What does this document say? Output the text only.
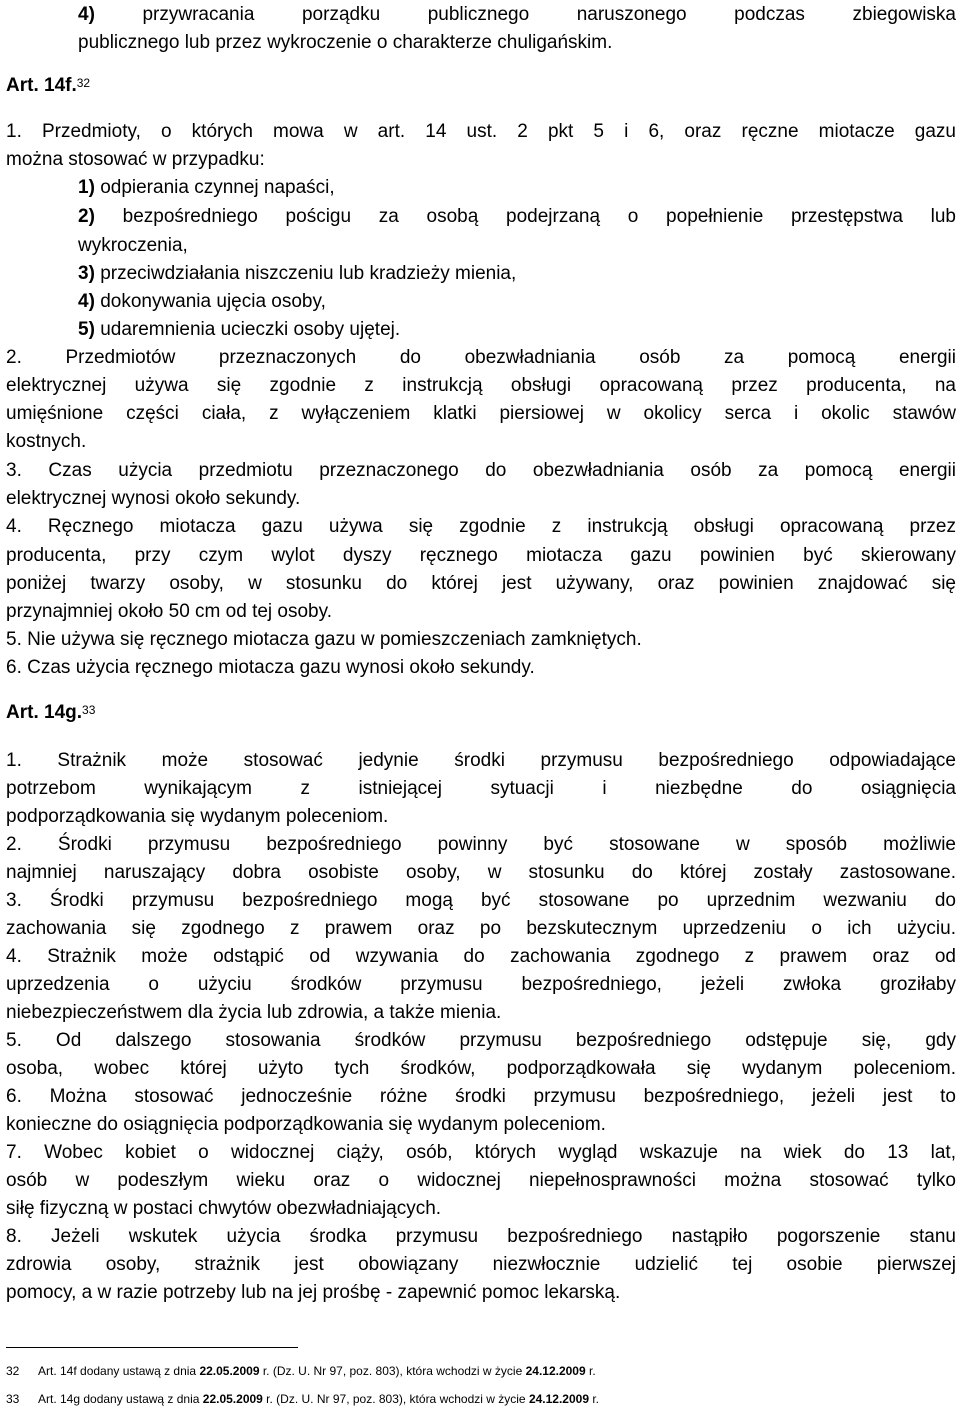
4)	przywracania porządku publicznego naruszonego podczas zbiegowiska

publicznego lub przez wykroczenie o charakterze chuligańskim.

Art. 14f.$^{32}$

1. Przedmioty, o których mowa w art. 14 ust. 2 pkt 5 i 6, oraz ręczne miotacze gazu

można stosować w przypadku:

1) odpierania czynnej napaści,

2) bezpośredniego pościgu za osobą podejrzaną o popełnienie przestępstwa lub

wykroczenia,

3) przeciwdziałania niszczeniu lub kradzieży mienia,

4) dokonywania ujęcia osoby,

5) udaremnienia ucieczki osoby ujętej.

2. Przedmiotów przeznaczonych do obezwładniania osób za pomocą energii

elektrycznej używa się zgodnie z instrukcją obsługi opracowaną przez producenta, na

umięśnione części ciała, z wyłączeniem klatki piersiowej w okolicy serca i okolic stawów

kostnych.

3. Czas użycia przedmiotu przeznaczonego do obezwładniania osób za pomocą energii

elektrycznej wynosi około sekundy.

4. Ręcznego miotacza gazu używa się zgodnie z instrukcją obsługi opracowaną przez

producenta, przy czym wylot dyszy ręcznego miotacza gazu powinien być skierowany

poniżej twarzy osoby, w stosunku do której jest używany, oraz powinien znajdować się

przynajmniej około 50 cm od tej osoby.

5. Nie używa się ręcznego miotacza gazu w pomieszczeniach zamkniętych.

6. Czas użycia ręcznego miotacza gazu wynosi około sekundy.

Art. 14g.$^{33}$

1. Strażnik może stosować jedynie środki przymusu bezpośredniego odpowiadające

potrzebom wynikającym z istniejącej sytuacji i niezbędne do osiągnięcia

podporządkowania się wydanym poleceniom.

2. Środki przymusu bezpośredniego powinny być stosowane w sposób możliwie

najmniej naruszający dobra osobiste osoby, w stosunku do której zostały zastosowane.

3. Środki przymusu bezpośredniego mogą być stosowane po uprzednim wezwaniu do

zachowania się zgodnego z prawem oraz po bezskutecznym uprzedzeniu o ich użyciu.

4. Strażnik może odstąpić od wzywania do zachowania zgodnego z prawem oraz od

uprzedzenia o użyciu środków przymusu bezpośredniego, jeżeli zwłoka groziłaby

niebezpieczeństwem dla życia lub zdrowia, a także mienia.

5. Od dalszego stosowania środków przymusu bezpośredniego odstępuje się, gdy

osoba, wobec której użyto tych środków, podporządkowała się wydanym poleceniom.

6. Można stosować jednocześnie różne środki przymusu bezpośredniego, jeżeli jest to

konieczne do osiągnięcia podporządkowania się wydanym poleceniom.

7. Wobec kobiet o widocznej ciąży, osób, których wygląd wskazuje na wiek do 13 lat,

osób w podeszłym wieku oraz o widocznej niepełnosprawności można stosować tylko

siłę fizyczną w postaci chwytów obezwładniających.

8. Jeżeli wskutek użycia środka przymusu bezpośredniego nastąpiło pogorszenie stanu

zdrowia osoby, strażnik jest obowiązany niezwłocznie udzielić tej osobie pierwszej

pomocy, a w razie potrzeby lub na jej prośbę - zapewnić pomoc lekarską.

32 Art. 14f dodany ustawą z dnia 22.05.2009 r. (Dz. U. Nr 97, poz. 803), która wchodzi w życie 24.12.2009 r.
33 Art. 14g dodany ustawą z dnia 22.05.2009 r. (Dz. U. Nr 97, poz. 803), która wchodzi w życie 24.12.2009 r.
